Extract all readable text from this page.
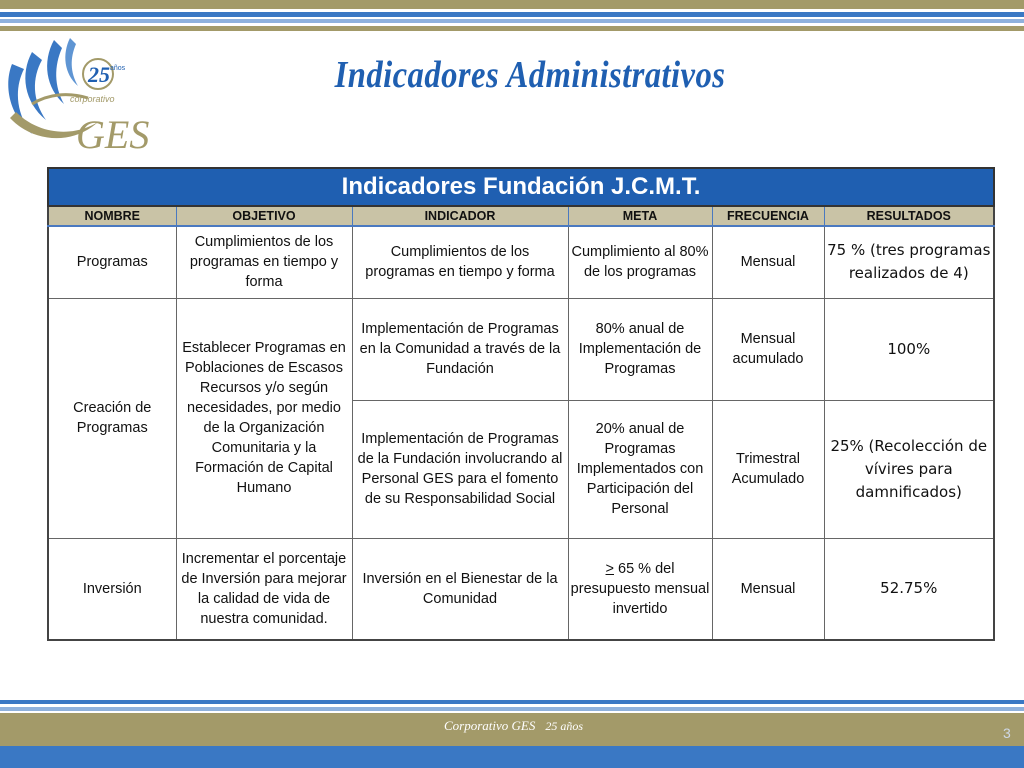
25 años
corporativo
GES
Indicadores Administrativos
Indicadores Fundación J.C.M.T.					
NOMBRE	OBJETIVO	INDICADOR	META	FRECUENCIA	RESULTADOS
Programas	Cumplimientos de los programas en tiempo y forma	Cumplimientos de los programas en tiempo y forma	Cumplimiento al 80% de los programas	Mensual	75 % (tres programas realizados de 4)
Creación de Programas	Establecer Programas en Poblaciones de Escasos Recursos y/o según necesidades, por medio de la Organización Comunitaria y la Formación de Capital Humano	Implementación de Programas en la Comunidad a través de la Fundación	80% anual de Implementación de Programas	Mensual acumulado	100%
		Implementación de Programas de la Fundación involucrando al Personal GES para el fomento de su Responsabilidad Social	20% anual de Programas Implementados con Participación del Personal	Trimestral Acumulado	25% (Recolección de vívires para damnificados)
Inversión	Incrementar el porcentaje de Inversión para mejorar la calidad de vida de nuestra comunidad.	Inversión en el Bienestar de la Comunidad	≥ 65 % del presupuesto mensual invertido	Mensual	52.75%
Corporativo GES 25 años	3
